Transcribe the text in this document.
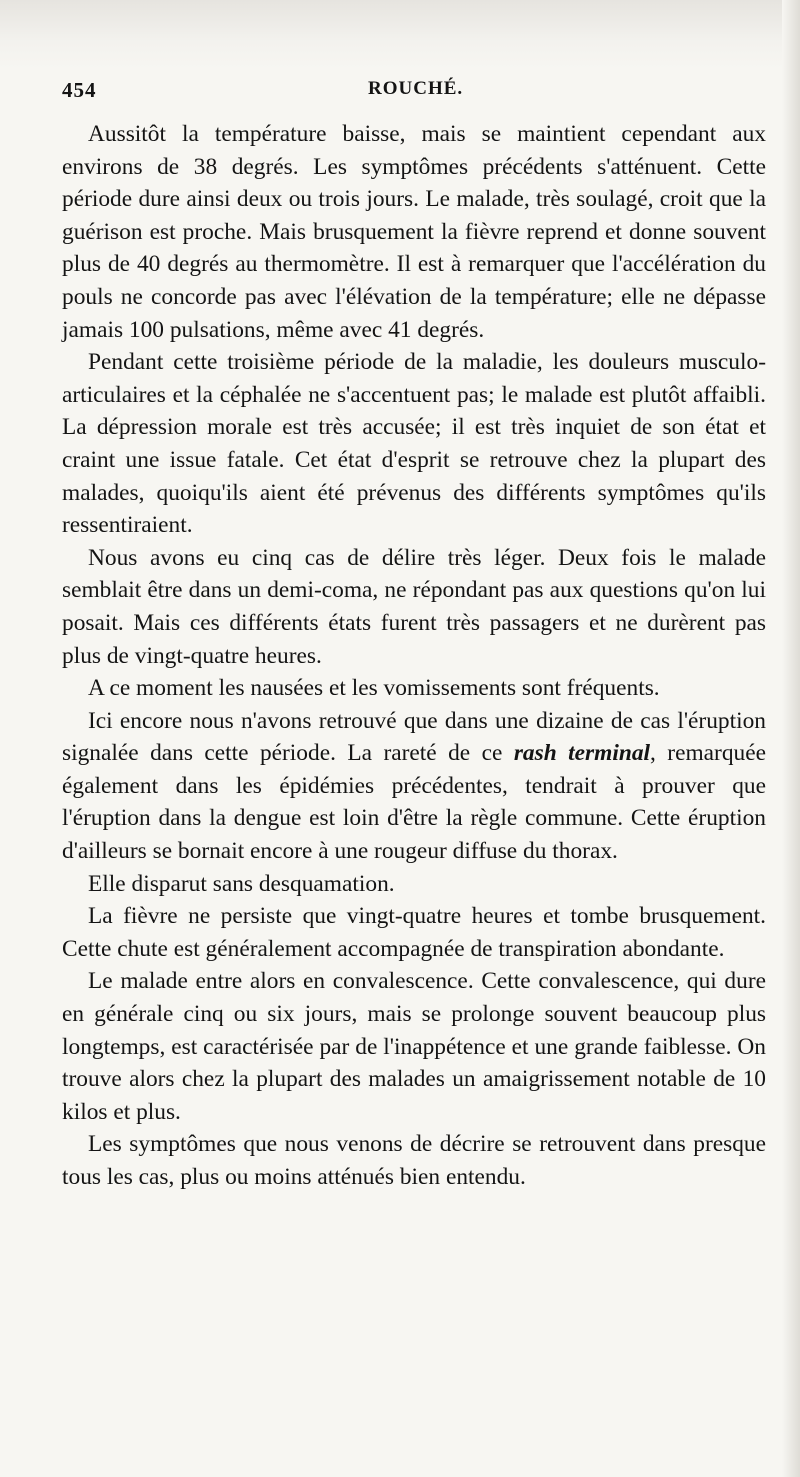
454	ROUCHÉ.

Aussitôt la température baisse, mais se maintient cependant aux environs de 38 degrés. Les symptômes précédents s'atténuent. Cette période dure ainsi deux ou trois jours. Le malade, très soulagé, croit que la guérison est proche. Mais brusquement la fièvre reprend et donne souvent plus de 40 degrés au thermomètre. Il est à remarquer que l'accélération du pouls ne concorde pas avec l'élévation de la température; elle ne dépasse jamais 100 pulsations, même avec 41 degrés.

Pendant cette troisième période de la maladie, les douleurs musculo-articulaires et la céphalée ne s'accentuent pas; le malade est plutôt affaibli. La dépression morale est très accusée; il est très inquiet de son état et craint une issue fatale. Cet état d'esprit se retrouve chez la plupart des malades, quoiqu'ils aient été prévenus des différents symptômes qu'ils ressentiraient.

Nous avons eu cinq cas de délire très léger. Deux fois le malade semblait être dans un demi-coma, ne répondant pas aux questions qu'on lui posait. Mais ces différents états furent très passagers et ne durèrent pas plus de vingt-quatre heures.

A ce moment les nausées et les vomissements sont fréquents.

Ici encore nous n'avons retrouvé que dans une dizaine de cas l'éruption signalée dans cette période. La rareté de ce rash terminal, remarquée également dans les épidémies précédentes, tendrait à prouver que l'éruption dans la dengue est loin d'être la règle commune. Cette éruption d'ailleurs se bornait encore à une rougeur diffuse du thorax.

Elle disparut sans desquamation.

La fièvre ne persiste que vingt-quatre heures et tombe brusquement. Cette chute est généralement accompagnée de transpiration abondante.

Le malade entre alors en convalescence. Cette convalescence, qui dure en générale cinq ou six jours, mais se prolonge souvent beaucoup plus longtemps, est caractérisée par de l'inappétence et une grande faiblesse. On trouve alors chez la plupart des malades un amaigrissement notable de 10 kilos et plus.

Les symptômes que nous venons de décrire se retrouvent dans presque tous les cas, plus ou moins atténués bien entendu.
